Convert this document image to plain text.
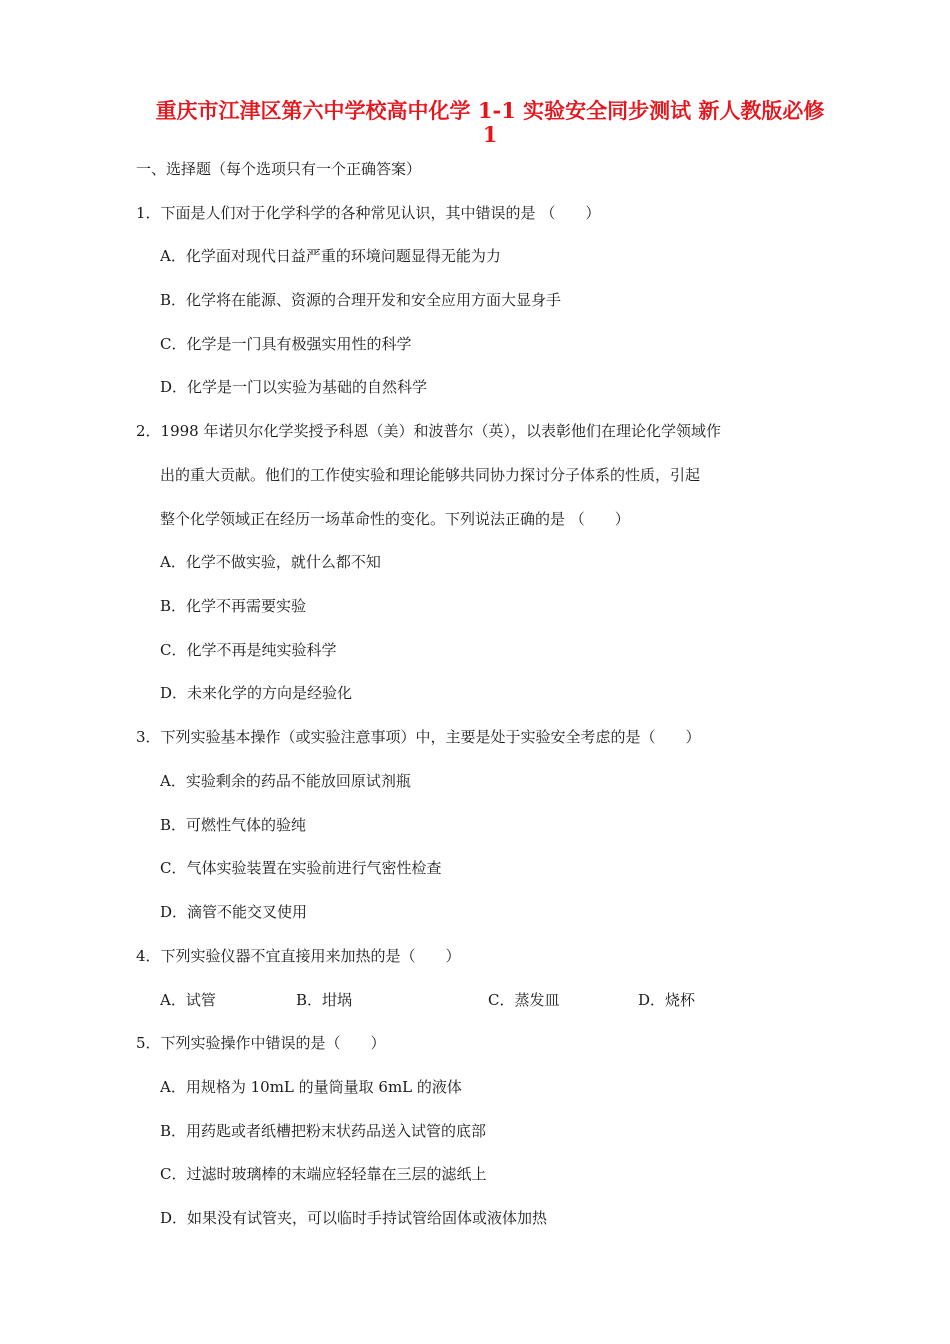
重庆市江津区第六中学校高中化学 1-1 实验安全同步测试 新人教版必修
1
一、选择题（每个选项只有一个正确答案）
1．下面是人们对于化学科学的各种常见认识，其中错误的是 （　　）
A．化学面对现代日益严重的环境问题显得无能为力
B．化学将在能源、资源的合理开发和安全应用方面大显身手
C．化学是一门具有极强实用性的科学
D．化学是一门以实验为基础的自然科学
2．1998 年诺贝尔化学奖授予科恩（美）和波普尔（英），以表彰他们在理论化学领域作
出的重大贡献。他们的工作使实验和理论能够共同协力探讨分子体系的性质，引起
整个化学领域正在经历一场革命性的变化。下列说法正确的是 （　　）
A．化学不做实验，就什么都不知
B．化学不再需要实验
C．化学不再是纯实验科学
D．未来化学的方向是经验化
3．下列实验基本操作（或实验注意事项）中，主要是处于实验安全考虑的是（　　）
A．实验剩余的药品不能放回原试剂瓶
B．可燃性气体的验纯
C．气体实验装置在实验前进行气密性检查
D．滴管不能交叉使用
4．下列实验仪器不宜直接用来加热的是（　　）
A．试管	B．坩埚	C．蒸发皿	D．烧杯
5．下列实验操作中错误的是（　　）
A．用规格为 10mL 的量筒量取 6mL 的液体
B．用药匙或者纸槽把粉末状药品送入试管的底部
C．过滤时玻璃棒的末端应轻轻靠在三层的滤纸上
D．如果没有试管夹，可以临时手持试管给固体或液体加热
